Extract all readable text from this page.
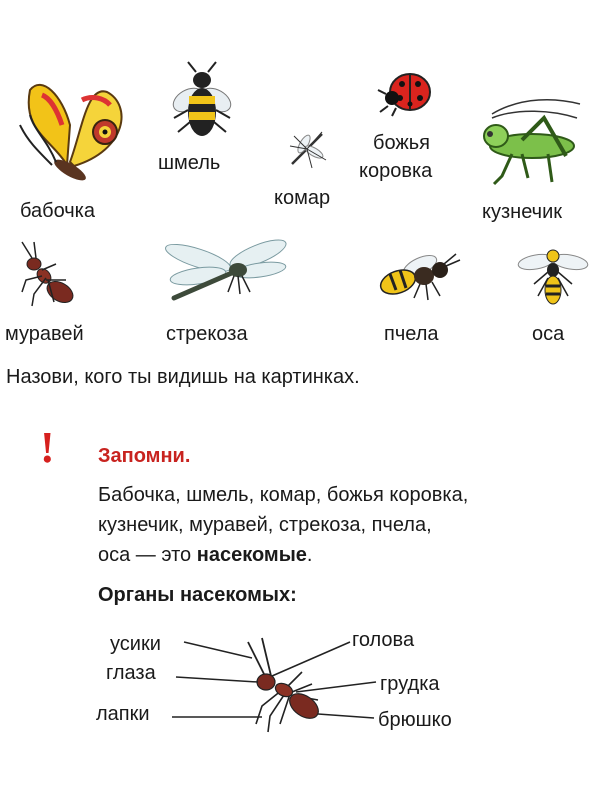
бабочка
шмель
комар
божья
коровка
кузнечик
муравей	стрекоза	пчела	оса
Назови, кого ты видишь на картинках.
! Запомни.
Бабочка, шмель, комар, божья коровка,
кузнечик, муравей, стрекоза, пчела,
оса — это насекомые.
Органы насекомых:
усики
глаза
лапки
голова
грудка
брюшко
